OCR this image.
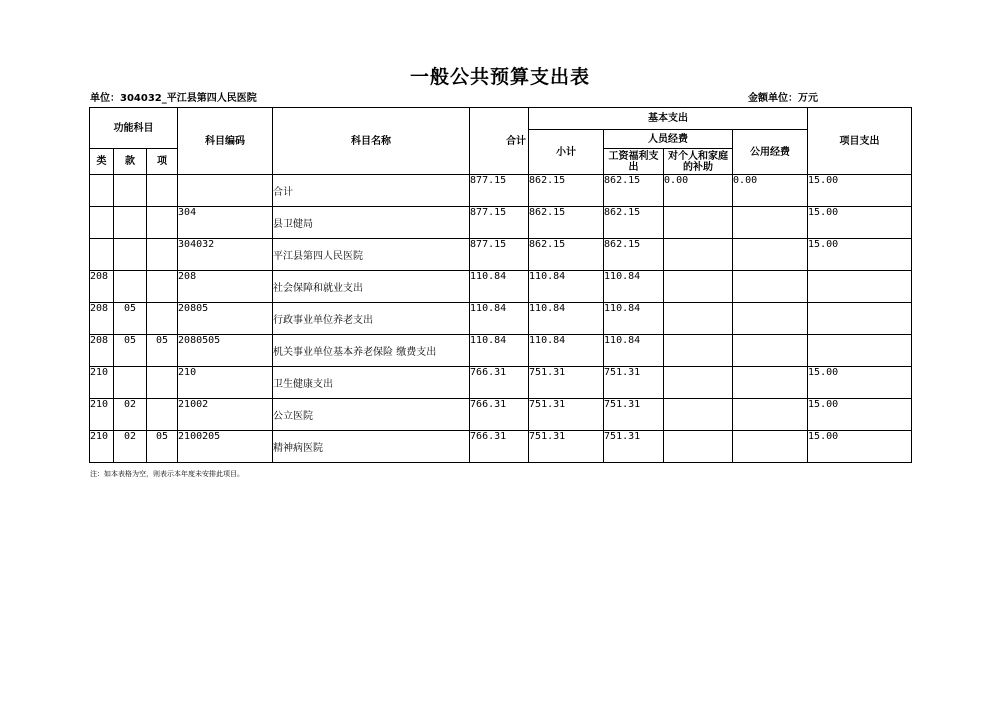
一般公共预算支出表
单位：304032_平江县第四人民医院	金额单位：万元
功能科目			科目编码	科目名称	合计	基本支出				项目支出
						小计	人员经费		公用经费	
类	款	项					工资福利支出	对个人和家庭的补助		
				合计	877.15	862.15	862.15	0.00	0.00	15.00
			304	县卫健局	877.15	862.15	862.15			15.00
			304032	平江县第四人民医院	877.15	862.15	862.15			15.00
208			208	社会保障和就业支出	110.84	110.84	110.84			
208	05		20805	行政事业单位养老支出	110.84	110.84	110.84			
208	05	05	2080505	机关事业单位基本养老保险 缴费支出	110.84	110.84	110.84			
210			210	卫生健康支出	766.31	751.31	751.31			15.00
210	02		21002	公立医院	766.31	751.31	751.31			15.00
210	02	05	2100205	精神病医院	766.31	751.31	751.31			15.00
注：如本表格为空，则表示本年度未安排此项目。
